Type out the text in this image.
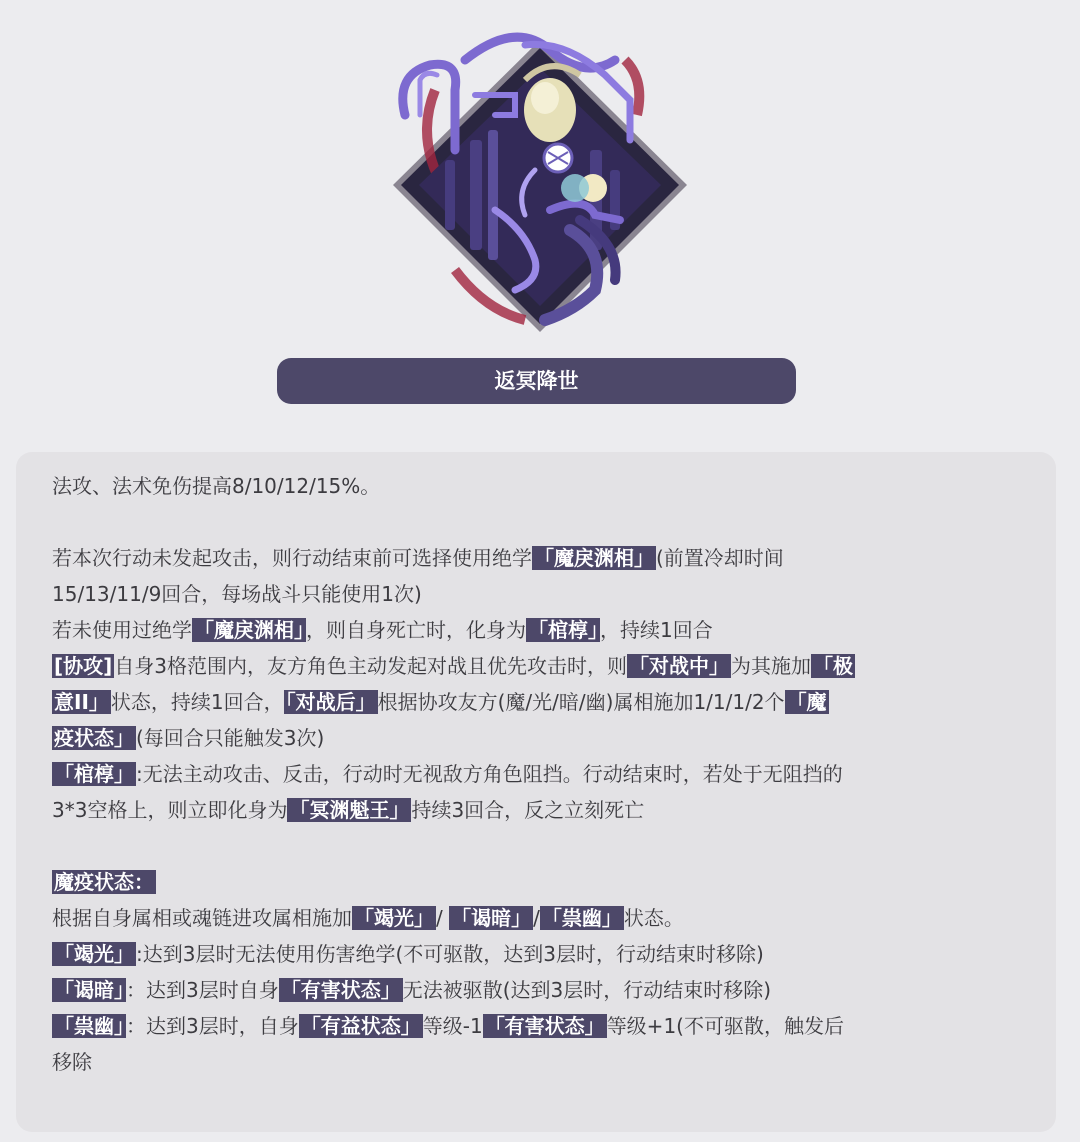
返冥降世
法攻、法术免伤提高8/10/12/15%。
若本次行动未发起攻击，则行动结束前可选择使用绝学 「魔戾渊相」 (前置冷却时间
15/13/11/9回合，每场战斗只能使用1次)
若未使用过绝学 「魔戾渊相」 ，则自身死亡时，化身为 「棺椁」 ，持续1回合
[协攻] 自身3格范围内，友方角色主动发起对战且优先攻击时，则 「对战中」 为其施加 「极
意II」 状态，持续1回合， 「对战后」 根据协攻友方(魔/光/暗/幽)属相施加1/1/1/2个 「魔
疫状态」 (每回合只能触发3次)
「棺椁」 :无法主动攻击、反击，行动时无视敌方角色阻挡。行动结束时，若处于无阻挡的
3*3空格上，则立即化身为 「冥渊魁王」 持续3回合，反之立刻死亡
魔疫状态：
根据自身属相或魂链进攻属相施加 「竭光」 / 「谒暗」 / 「祟幽」 状态。
「竭光」 :达到3层时无法使用伤害绝学(不可驱散，达到3层时，行动结束时移除)
「谒暗」 ：达到3层时自身 「有害状态」 无法被驱散(达到3层时，行动结束时移除)
「祟幽」 ：达到3层时，自身 「有益状态」 等级-1 「有害状态」 等级+1(不可驱散，触发后
移除
